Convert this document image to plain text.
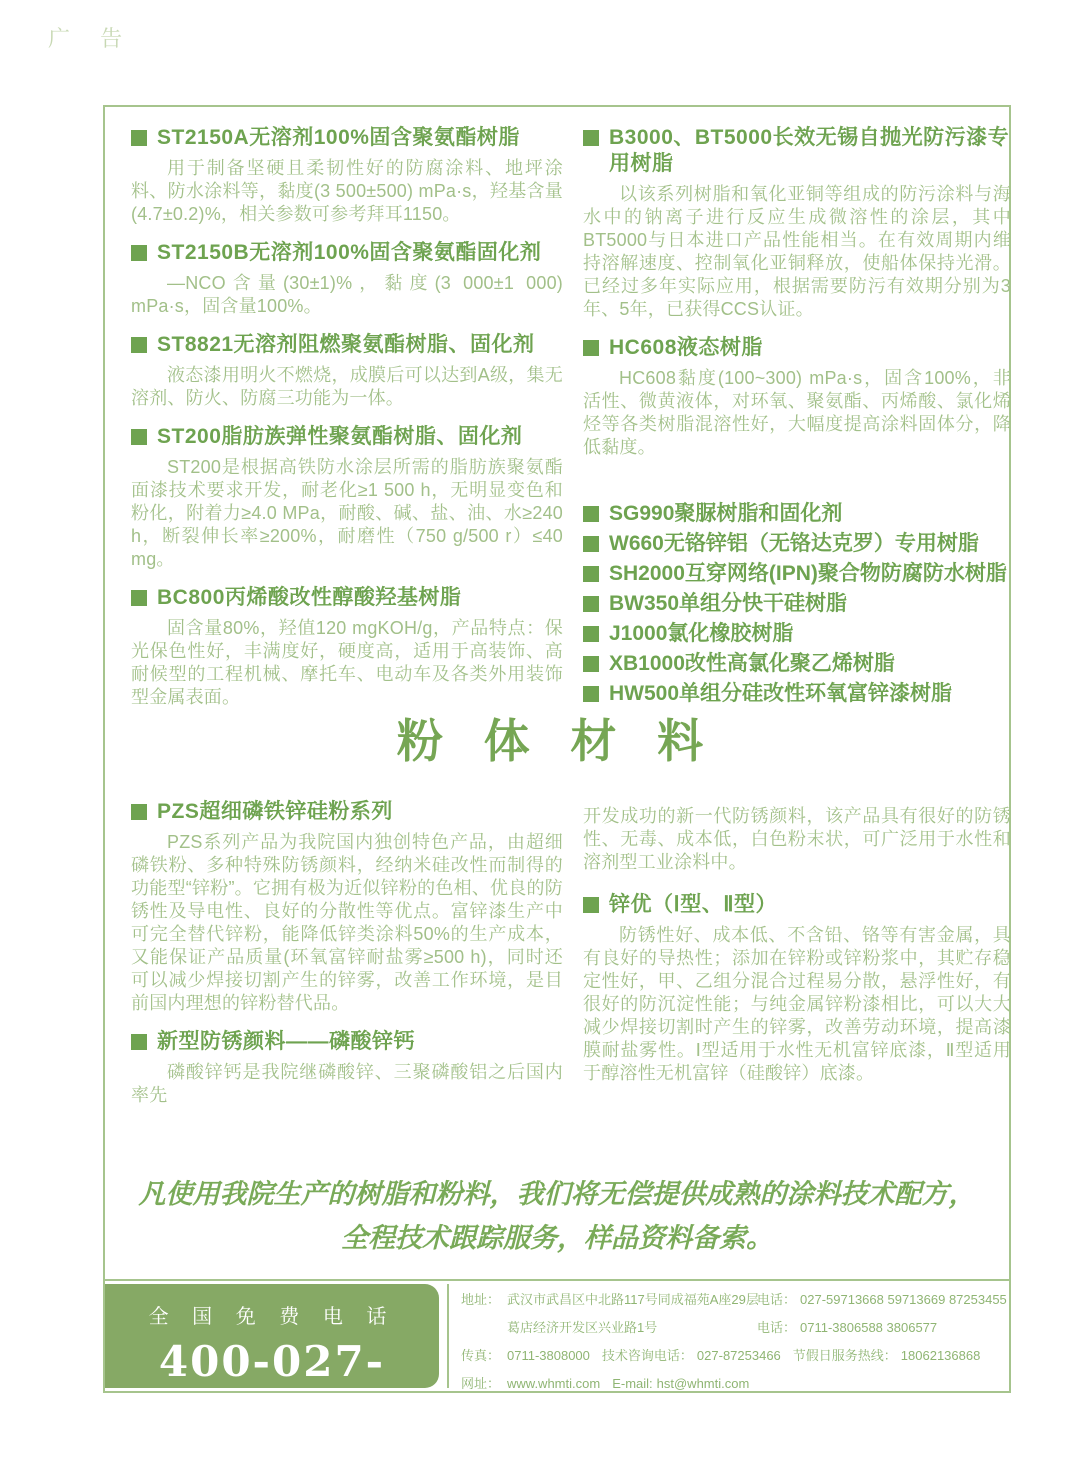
广 告
ST2150A无溶剂100%固含聚氨酯树脂

用于制备坚硬且柔韧性好的防腐涂料、地坪涂料、防水涂料等，黏度(3 500±500) mPa·s，羟基含量(4.7±0.2)%，相关参数可参考拜耳1150。

ST2150B无溶剂100%固含聚氨酯固化剂

—NCO含量(30±1)%，黏度(3 000±1 000) mPa·s，固含量100%。

ST8821无溶剂阻燃聚氨酯树脂、固化剂

液态漆用明火不燃烧，成膜后可以达到A级，集无溶剂、防火、防腐三功能为一体。

ST200脂肪族弹性聚氨酯树脂、固化剂

ST200是根据高铁防水涂层所需的脂肪族聚氨酯面漆技术要求开发，耐老化≥1 500 h，无明显变色和粉化，附着力≥4.0 MPa，耐酸、碱、盐、油、水≥240 h，断裂伸长率≥200%，耐磨性（750 g/500 r）≤40 mg。

BC800丙烯酸改性醇酸羟基树脂

固含量80%，羟值120 mgKOH/g，产品特点：保光保色性好，丰满度好，硬度高，适用于高装饰、高耐候型的工程机械、摩托车、电动车及各类外用装饰型金属表面。

B3000、BT5000长效无锡自抛光防污漆专用树脂

以该系列树脂和氧化亚铜等组成的防污涂料与海水中的钠离子进行反应生成微溶性的涂层，其中BT5000与日本进口产品性能相当。在有效周期内维持溶解速度、控制氧化亚铜释放，使船体保持光滑。已经过多年实际应用，根据需要防污有效期分别为3年、5年，已获得CCS认证。

HC608液态树脂

HC608黏度(100~300) mPa·s，固含100%，非活性、微黄液体，对环氧、聚氨酯、丙烯酸、氯化烯烃等各类树脂混溶性好，大幅度提高涂料固体分，降低黏度。

SG990聚脲树脂和固化剂
W660无铬锌铝（无铬达克罗）专用树脂
SH2000互穿网络(IPN)聚合物防腐防水树脂
BW350单组分快干硅树脂
J1000氯化橡胶树脂
XB1000改性高氯化聚乙烯树脂
HW500单组分硅改性环氧富锌漆树脂
粉 体 材 料
PZS超细磷铁锌硅粉系列

PZS系列产品为我院国内独创特色产品，由超细磷铁粉、多种特殊防锈颜料，经纳米硅改性而制得的功能型“锌粉”。它拥有极为近似锌粉的色相、优良的防锈性及导电性、良好的分散性等优点。富锌漆生产中可完全替代锌粉，能降低锌类涂料50%的生产成本，又能保证产品质量(环氧富锌耐盐雾≥500 h)，同时还可以减少焊接切割产生的锌雾，改善工作环境，是目前国内理想的锌粉替代品。

新型防锈颜料——磷酸锌钙

磷酸锌钙是我院继磷酸锌、三聚磷酸铝之后国内率先

开发成功的新一代防锈颜料，该产品具有很好的防锈性、无毒、成本低，白色粉末状，可广泛用于水性和溶剂型工业涂料中。

锌优（Ⅰ型、Ⅱ型）

防锈性好、成本低、不含铅、铬等有害金属，具有良好的导热性；添加在锌粉或锌粉浆中，其贮存稳定性好，甲、乙组分混合过程易分散，悬浮性好，有很好的防沉淀性能；与纯金属锌粉漆相比，可以大大减少焊接切割时产生的锌雾，改善劳动环境，提高漆膜耐盐雾性。Ⅰ型适用于水性无机富锌底漆，Ⅱ型适用于醇溶性无机富锌（硅酸锌）底漆。

凡使用我院生产的树脂和粉料，我们将无偿提供成熟的涂料技术配方，
全程技术跟踪服务，样品资料备索。
全 国 免 费 电 话
400-027-5477
地址： 武汉市武昌区中北路117号同成福苑A座29层
电话： 027-59713668 59713669 87253455
葛店经济开发区兴业路1号	电话： 0711-3806588 3806577
传真： 0711-3808000 技术咨询电话： 027-87253466 节假日服务热线： 18062136868
网址： www.whmti.com E-mail: hst@whmti.com
